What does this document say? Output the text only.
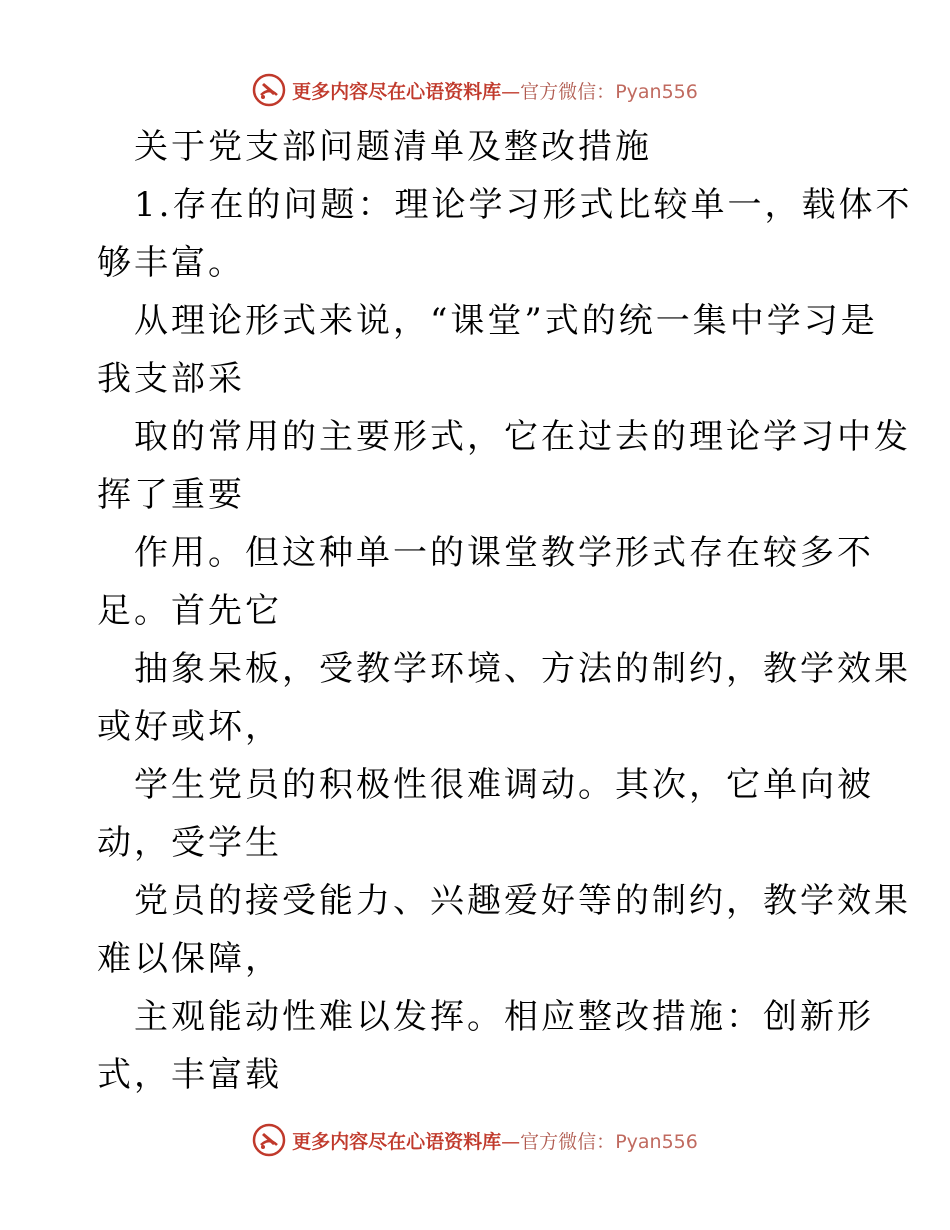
更多内容尽在心语资料库—官方微信：Pyan556
关于党支部问题清单及整改措施
1.存在的问题：理论学习形式比较单一，载体不
够丰富。
从理论形式来说，“课堂”式的统一集中学习是
我支部采
取的常用的主要形式，它在过去的理论学习中发
挥了重要
作用。但这种单一的课堂教学形式存在较多不
足。首先它
抽象呆板，受教学环境、方法的制约，教学效果
或好或坏，
学生党员的积极性很难调动。其次，它单向被
动，受学生
党员的接受能力、兴趣爱好等的制约，教学效果
难以保障，
主观能动性难以发挥。相应整改措施：创新形
式，丰富载
更多内容尽在心语资料库—官方微信：Pyan556
